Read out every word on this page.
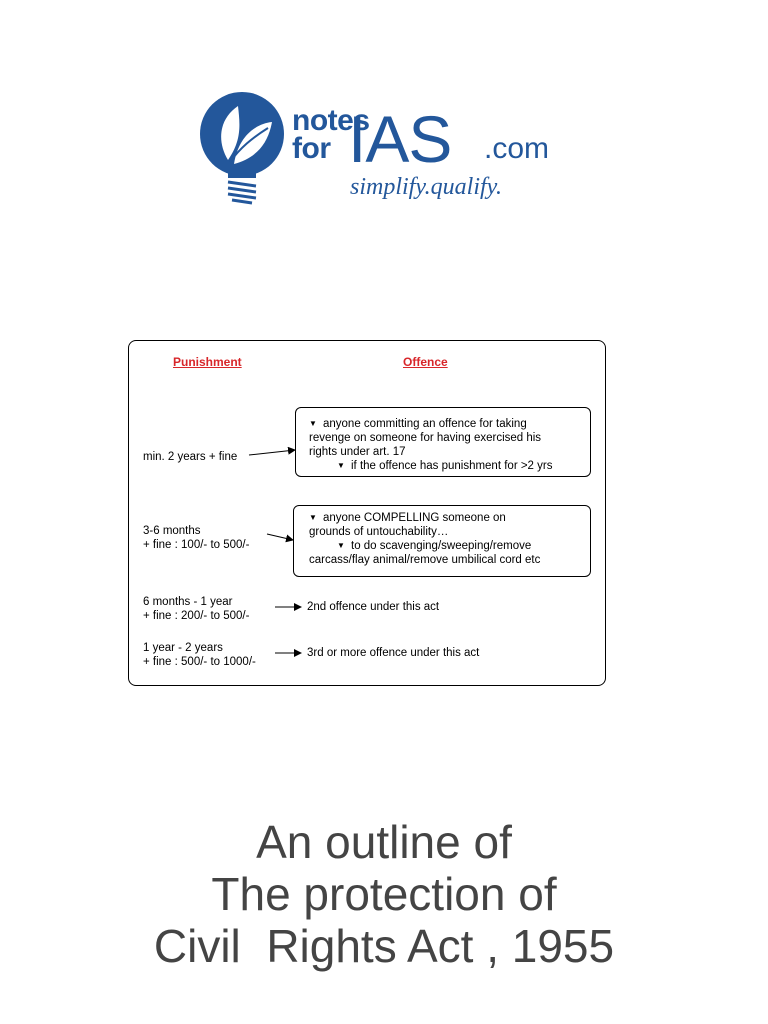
notes
for IAS .com
simplify.qualify.
Punishment	Offence
min. 2 years + fine
▼ anyone committing an offence for taking
revenge on someone for having exercised his
rights under art. 17
▼ if the offence has punishment for >2 yrs
3-6 months
+ fine : 100/- to 500/-
▼ anyone COMPELLING someone on
grounds of untouchability…
▼ to do scavenging/sweeping/remove
carcass/flay animal/remove umbilical cord etc
6 months - 1 year
+ fine : 200/- to 500/-
2nd offence under this act
1 year - 2 years
+ fine : 500/- to 1000/-
3rd or more offence under this act
An outline of
The protection of
Civil  Rights Act , 1955
